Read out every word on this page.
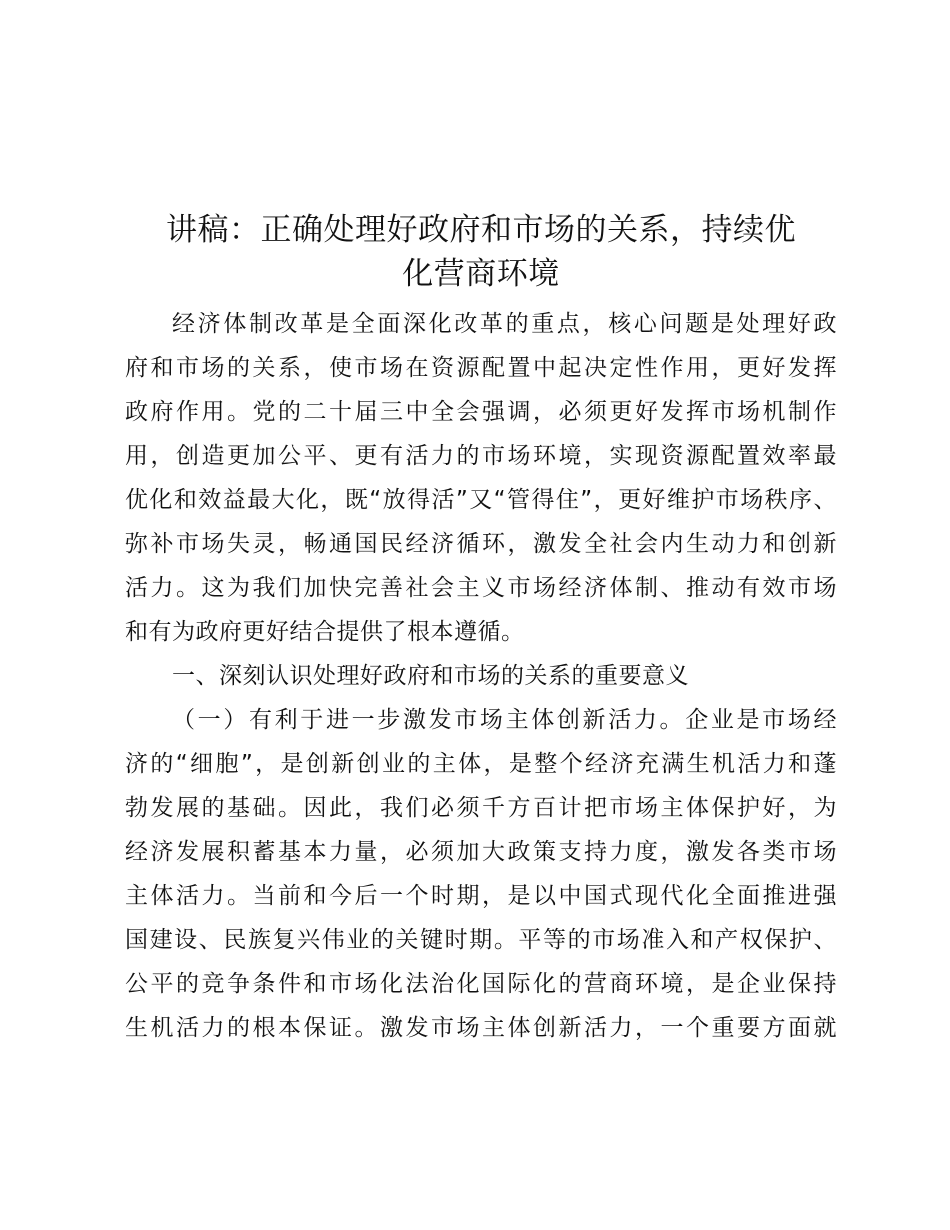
讲稿：正确处理好政府和市场的关系，持续优
化营商环境
经济体制改革是全面深化改革的重点，核心问题是处理好政
府和市场的关系，使市场在资源配置中起决定性作用，更好发挥
政府作用。党的二十届三中全会强调，必须更好发挥市场机制作
用，创造更加公平、更有活力的市场环境，实现资源配置效率最
优化和效益最大化，既“放得活”又“管得住”，更好维护市场秩序、
弥补市场失灵，畅通国民经济循环，激发全社会内生动力和创新
活力。这为我们加快完善社会主义市场经济体制、推动有效市场
和有为政府更好结合提供了根本遵循。
一、深刻认识处理好政府和市场的关系的重要意义
（一）有利于进一步激发市场主体创新活力。企业是市场经
济的“细胞”，是创新创业的主体，是整个经济充满生机活力和蓬
勃发展的基础。因此，我们必须千方百计把市场主体保护好，为
经济发展积蓄基本力量，必须加大政策支持力度，激发各类市场
主体活力。当前和今后一个时期，是以中国式现代化全面推进强
国建设、民族复兴伟业的关键时期。平等的市场准入和产权保护、
公平的竞争条件和市场化法治化国际化的营商环境，是企业保持
生机活力的根本保证。激发市场主体创新活力，一个重要方面就
